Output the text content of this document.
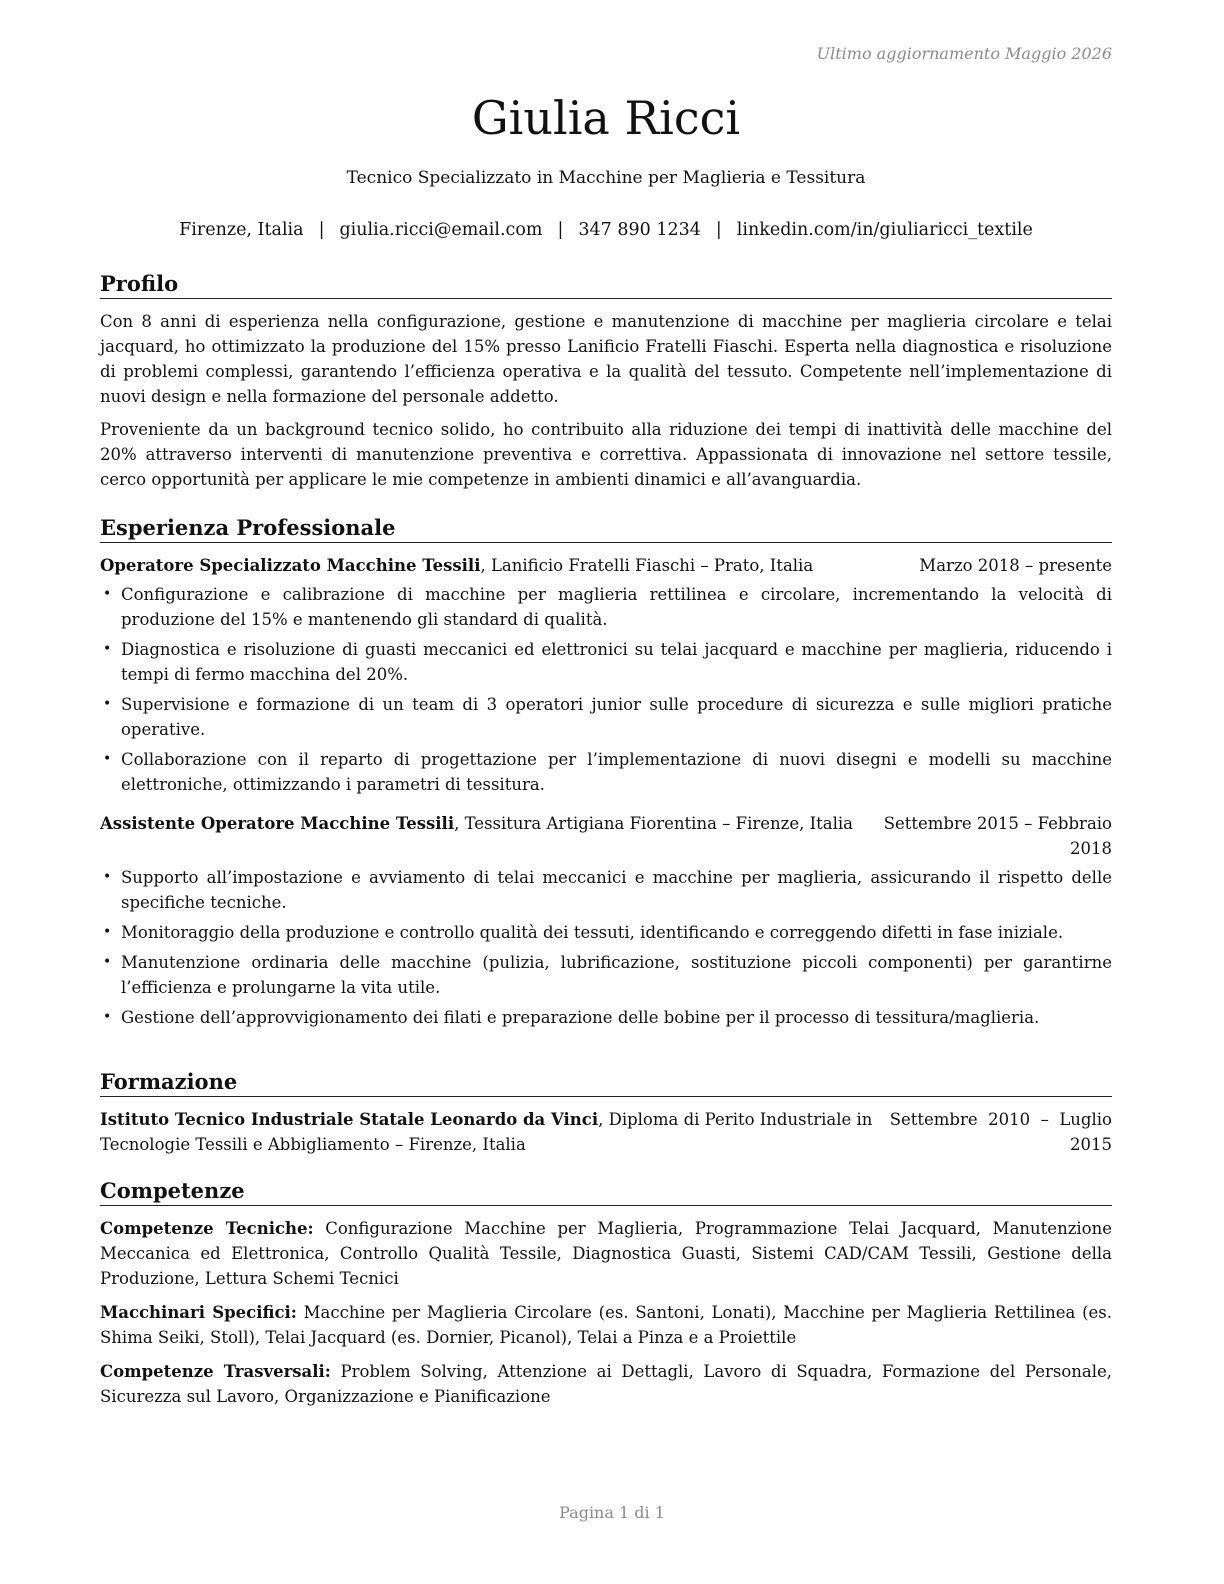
Ultimo aggiornamento Maggio 2026
Giulia Ricci
Tecnico Specializzato in Macchine per Maglieria e Tessitura
Firenze, Italia | giulia.ricci@email.com | 347 890 1234 | linkedin.com/in/giuliaricci_textile
Profilo

Con 8 anni di esperienza nella configurazione, gestione e manutenzione di macchine per maglieria circolare e telai jacquard, ho ottimizzato la produzione del 15% presso Lanificio Fratelli Fiaschi. Esperta nella diagnostica e risoluzione di problemi complessi, garantendo l’efficienza operativa e la qualità del tessuto. Competente nell’implementazione di nuovi design e nella formazione del personale addetto.

Proveniente da un background tecnico solido, ho contribuito alla riduzione dei tempi di inattività delle macchine del 20% attraverso interventi di manutenzione preventiva e correttiva. Appassionata di innovazione nel settore tessile, cerco opportunità per applicare le mie competenze in ambienti dinamici e all’avanguardia.

Esperienza Professionale
Operatore Specializzato Macchine Tessili, Lanificio Fratelli Fiaschi – Prato, Italia	Marzo 2018 – presente
• Configurazione e calibrazione di macchine per maglieria rettilinea e circolare, incrementando la velocità di produzione del 15% e mantenendo gli standard di qualità.
• Diagnostica e risoluzione di guasti meccanici ed elettronici su telai jacquard e macchine per maglieria, riducendo i tempi di fermo macchina del 20%.
• Supervisione e formazione di un team di 3 operatori junior sulle procedure di sicurezza e sulle migliori pratiche operative.
• Collaborazione con il reparto di progettazione per l’implementazione di nuovi disegni e modelli su macchine elettroniche, ottimizzando i parametri di tessitura.
Assistente Operatore Macchine Tessili, Tessitura Artigiana Fiorentina – Firenze, Italia Settembre 2015 – Febbraio
2018
• Supporto all’impostazione e avviamento di telai meccanici e macchine per maglieria, assicurando il rispetto delle specifiche tecniche.
• Monitoraggio della produzione e controllo qualità dei tessuti, identificando e correggendo difetti in fase iniziale.
• Manutenzione ordinaria delle macchine (pulizia, lubrificazione, sostituzione piccoli componenti) per garantirne l’efficienza e prolungarne la vita utile.
• Gestione dell’approvvigionamento dei filati e preparazione delle bobine per il processo di tessitura/maglieria.
Formazione
Istituto Tecnico Industriale Statale Leonardo da Vinci, Diploma di Perito Industriale in
Tecnologie Tessili e Abbigliamento – Firenze, Italia
Settembre  2010  –  Luglio
2015
Competenze

Competenze Tecniche: Configurazione Macchine per Maglieria, Programmazione Telai Jacquard, Manutenzione Meccanica ed Elettronica, Controllo Qualità Tessile, Diagnostica Guasti, Sistemi CAD/CAM Tessili, Gestione della Produzione, Lettura Schemi Tecnici

Macchinari Specifici: Macchine per Maglieria Circolare (es. Santoni, Lonati), Macchine per Maglieria Rettilinea (es. Shima Seiki, Stoll), Telai Jacquard (es. Dornier, Picanol), Telai a Pinza e a Proiettile

Competenze Trasversali: Problem Solving, Attenzione ai Dettagli, Lavoro di Squadra, Formazione del Personale, Sicurezza sul Lavoro, Organizzazione e Pianificazione

Pagina 1 di 1
